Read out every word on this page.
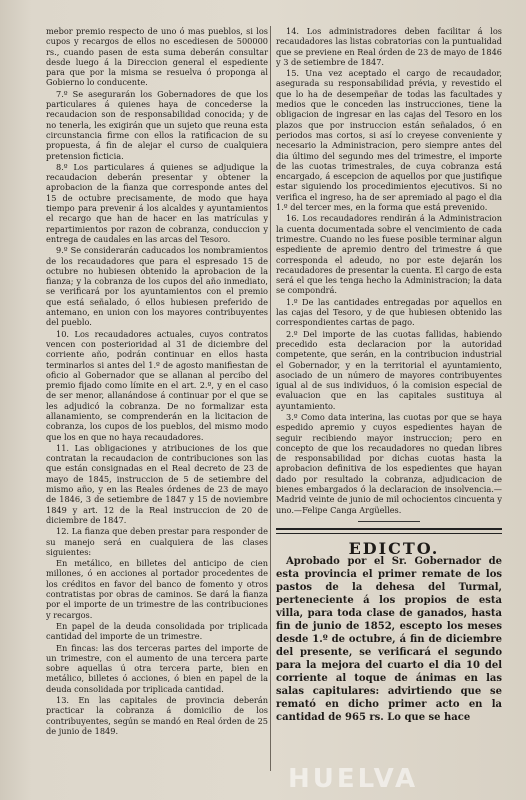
mebor premio respecto de uno ó mas pueblos, si los cupos y recargos de ellos no escediesen de 500000 rs., cuando pasen de esta suma deberán consultar desde luego á la Direccion general el espediente para que por la misma se resuelva ó proponga al Gobierno lo conducente.

7.º Se asegurarán los Gobernadores de que los particulares á quienes haya de concederse la recaudacion son de responsabilidad conocida; y de no tenerla, les exigirán que un sujeto que reuna esta circunstancia firme con ellos la ratificacion de su propuesta, á fin de alejar el curso de cualquiera pretension ficticia.

8.º Los particulares á quienes se adjudique la recaudacion deberán presentar y obtener la aprobacion de la fianza que corresponde antes del 15 de octubre precisamente, de modo que haya tiempo para prevenir á los alcaldes y ayuntamientos el recargo que han de hacer en las matrículas y repartimientos por razon de cobranza, conduccion y entrega de caudales en las arcas del Tesoro.

9.º Se considerarán caducados los nombramientos de los recaudadores que para el espresado 15 de octubre no hubiesen obtenido la aprobacion de la fianza; y la cobranza de los cupos del año inmediato, se verificará por los ayuntamientos con el premio que está señalado, ó ellos hubiesen preferido de antemano, en union con los mayores contribuyentes del pueblo.

10. Los recaudadores actuales, cuyos contratos vencen con posterioridad al 31 de diciembre del corriente año, podrán continuar en ellos hasta terminarlos si antes del 1.º de agosto manifiestan de oficio al Gobernador que se allanan al percibo del premio fijado como límite en el art. 2.º, y en el caso de ser menor, allanándose á continuar por el que se les adjudicó la cobranza. De no formalizar esta allanamiento, se comprenderán en la licitacion de cobranza, los cupos de los pueblos, del mismo modo que los en que no haya recaudadores.

11. Las obligaciones y atribuciones de los que contratan la recaudacion de contribuciones son las que están consignadas en el Real decreto de 23 de mayo de 1845, instruccion de 5 de setiembre del mismo año, y en las Reales órdenes de 23 de mayo de 1846, 3 de setiembre de 1847 y 15 de noviembre 1849 y art. 12 de la Real instruccion de 20 de diciembre de 1847.

12. La fianza que deben prestar para responder de su manejo será en cualquiera de las clases siguientes:

En metálico, en billetes del anticipo de cien millones, ó en acciones al portador procedentes de los créditos en favor del banco de fomento y otros contratistas por obras de caminos. Se dará la fianza por el importe de un trimestre de las contribuciones y recargos.

En papel de la deuda consolidada por triplicada cantidad del importe de un trimestre.

En fincas: las dos terceras partes del importe de un trimestre, con el aumento de una tercera parte sobre aquellas ú otra tercera parte, bien en metálico, billetes ó acciones, ó bien en papel de la deuda consolidada por triplicada cantidad.

13. En las capitales de provincia deberán practicar la cobranza á domicilio de los contribuyentes, según se mandó en Real órden de 25 de junio de 1849.

14. Los administradores deben facilitar á los recaudadores las listas cobratorias con la puntualidad que se previene en Real órden de 23 de mayo de 1846 y 3 de setiembre de 1847.

15. Una vez aceptado el cargo de recaudador, asegurada su responsabilidad prévia, y revestido el que lo ha de desempeñar de todas las facultades y medios que le conceden las instrucciones, tiene la obligacion de ingresar en las cajas del Tesoro en los plazos que por instruccion están señalados, ó en periodos mas cortos, si así lo creyese conveniente y necesario la Administracion, pero siempre antes del dia último del segundo mes del trimestre, el importe de las cuotas trimestrales, de cuya cobranza está encargado, á escepcion de aquellos por que justifique estar siguiendo los procedimientos ejecutivos. Si no verifica el ingreso, ha de ser apremiado al pago el dia 1.º del tercer mes, en la forma que está prevenido.

16. Los recaudadores rendirán á la Administracion la cuenta documentada sobre el vencimiento de cada trimestre. Cuando no les fuese posible terminar algun espediente de apremio dentro del trimestre á que corresponda el adeudo, no por este dejarán los recaudadores de presentar la cuenta. El cargo de esta será el que les tenga hecho la Administracion; la data se compondrá.

1.º De las cantidades entregadas por aquellos en las cajas del Tesoro, y de que hubiesen obtenido las correspondientes cartas de pago.

2.º Del importe de las cuotas fallidas, habiendo precedido esta declaracion por la autoridad competente, que serán, en la contribucion industrial el Gobernador, y en la territorial el ayuntamiento, asociado de un número de mayores contribuyentes igual al de sus individuos, ó la comision especial de evaluacion que en las capitales sustituya al ayuntamiento.

3.º Como data interina, las cuotas por que se haya espedido apremio y cuyos espedientes hayan de seguir recibiendo mayor instruccion; pero en concepto de que los recaudadores no quedan libres de responsabilidad por dichas cuotas hasta la aprobacion definitiva de los espedientes que hayan dado por resultado la cobranza, adjudicacion de bienes embargados ó la declaracion de insolvencia.—Madrid veinte de junio de mil ochocientos cincuenta y uno.—Felipe Canga Argüelles.

EDICTO.

Aprobado por el Sr. Gobernador de esta provincia el primer remate de los pastos de la dehesa del Turmal, perteneciente á los propios de esta villa, para toda clase de ganados, hasta fin de junio de 1852, escepto los meses desde 1.º de octubre, á fin de diciembre del presente, se verificará el segundo para la mejora del cuarto el dia 10 del corriente al toque de ánimas en las salas capitulares: advirtiendo que se remató en dicho primer acto en la cantidad de 965 rs. Lo que se hace

HUELVA
